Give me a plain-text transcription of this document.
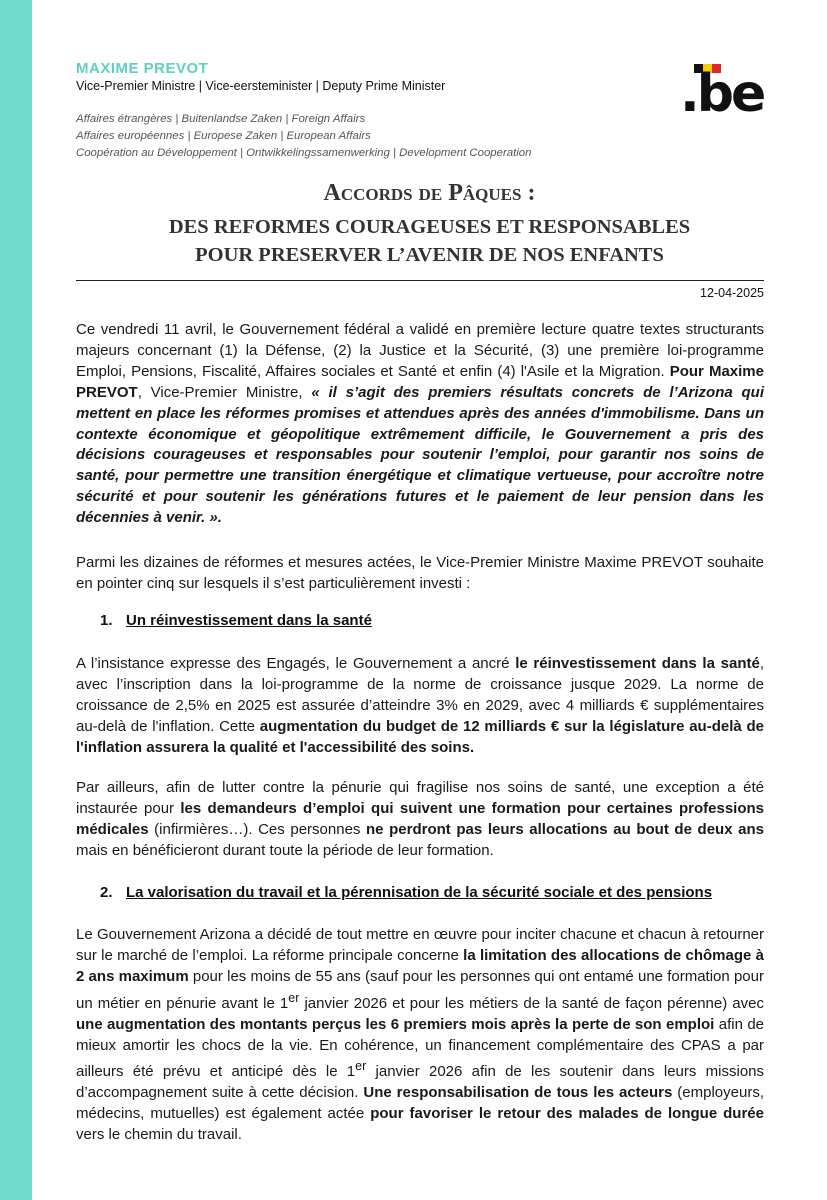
MAXIME PREVOT
Vice-Premier Ministre | Vice-eersteminister | Deputy Prime Minister
Affaires étrangères | Buitenlandse Zaken | Foreign Affairs
Affaires européennes | Europese Zaken | European Affairs
Coopération au Développement | Ontwikkelingssamenwerking | Development Cooperation
.be
Accords de Pâques :
DES REFORMES COURAGEUSES ET RESPONSABLES
POUR PRESERVER L’AVENIR DE NOS ENFANTS
12-04-2025

Ce vendredi 11 avril, le Gouvernement fédéral a validé en première lecture quatre textes structurants majeurs concernant (1) la Défense, (2) la Justice et la Sécurité, (3) une première loi-programme Emploi, Pensions, Fiscalité, Affaires sociales et Santé et enfin (4) l'Asile et la Migration. Pour Maxime PREVOT, Vice-Premier Ministre, « il s’agit des premiers résultats concrets de l’Arizona qui mettent en place les réformes promises et attendues après des années d'immobilisme. Dans un contexte économique et géopolitique extrêmement difficile, le Gouvernement a pris des décisions courageuses et responsables pour soutenir l’emploi, pour garantir nos soins de santé, pour permettre une transition énergétique et climatique vertueuse, pour accroître notre sécurité et pour soutenir les générations futures et le paiement de leur pension dans les décennies à venir. ».

Parmi les dizaines de réformes et mesures actées, le Vice-Premier Ministre Maxime PREVOT souhaite en pointer cinq sur lesquels il s’est particulièrement investi :

1. Un réinvestissement dans la santé

A l’insistance expresse des Engagés, le Gouvernement a ancré le réinvestissement dans la santé, avec l’inscription dans la loi-programme de la norme de croissance jusque 2029. La norme de croissance de 2,5% en 2025 est assurée d’atteindre 3% en 2029, avec 4 milliards € supplémentaires au-delà de l'inflation. Cette augmentation du budget de 12 milliards € sur la législature au-delà de l'inflation assurera la qualité et l'accessibilité des soins.

Par ailleurs, afin de lutter contre la pénurie qui fragilise nos soins de santé, une exception a été instaurée pour les demandeurs d’emploi qui suivent une formation pour certaines professions médicales (infirmières…). Ces personnes ne perdront pas leurs allocations au bout de deux ans mais en bénéficieront durant toute la période de leur formation.

2. La valorisation du travail et la pérennisation de la sécurité sociale et des pensions

Le Gouvernement Arizona a décidé de tout mettre en œuvre pour inciter chacune et chacun à retourner sur le marché de l’emploi. La réforme principale concerne la limitation des allocations de chômage à 2 ans maximum pour les moins de 55 ans (sauf pour les personnes qui ont entamé une formation pour un métier en pénurie avant le 1er janvier 2026 et pour les métiers de la santé de façon pérenne) avec une augmentation des montants perçus les 6 premiers mois après la perte de son emploi afin de mieux amortir les chocs de la vie. En cohérence, un financement complémentaire des CPAS a par ailleurs été prévu et anticipé dès le 1er janvier 2026 afin de les soutenir dans leurs missions d’accompagnement suite à cette décision. Une responsabilisation de tous les acteurs (employeurs, médecins, mutuelles) est également actée pour favoriser le retour des malades de longue durée vers le chemin du travail.
